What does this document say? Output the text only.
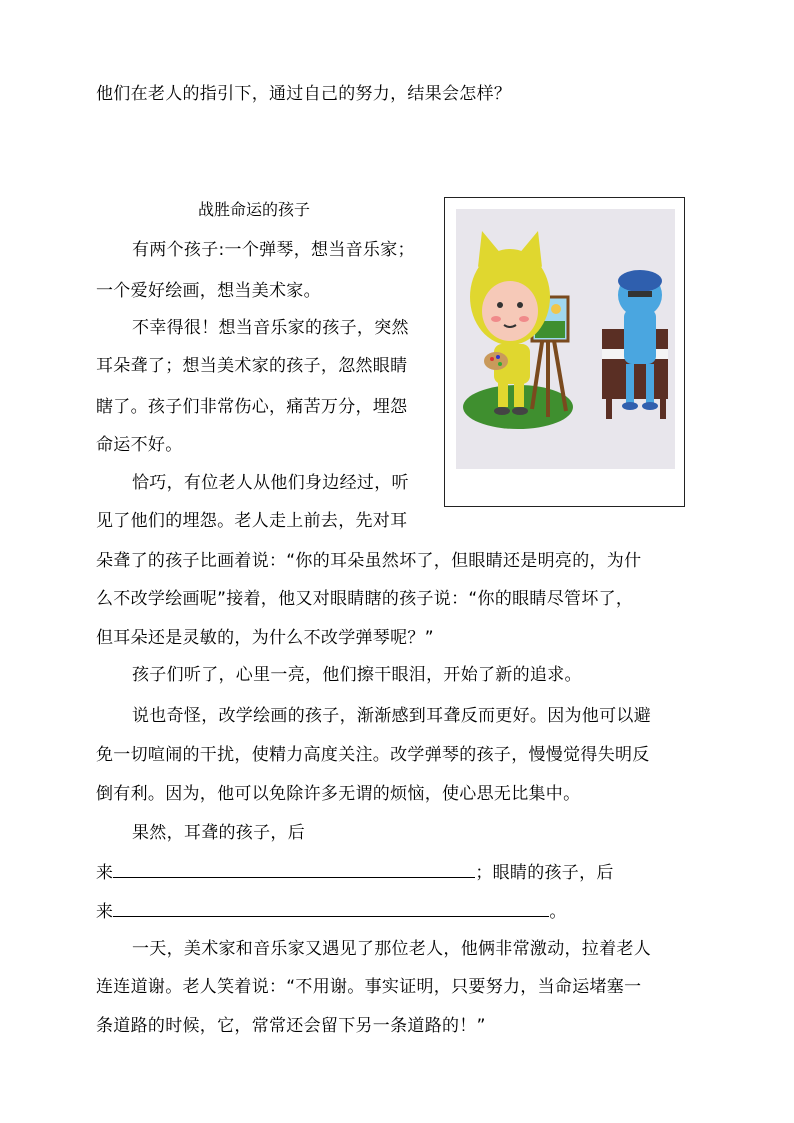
他们在老人的指引下，通过自己的努力，结果会怎样？
战胜命运的孩子
有两个孩子:一个弹琴，想当音乐家；
一个爱好绘画，想当美术家。
不幸得很！想当音乐家的孩子，突然
耳朵聋了；想当美术家的孩子，忽然眼睛
瞎了。孩子们非常伤心，痛苦万分，埋怨
命运不好。
恰巧，有位老人从他们身边经过，听
见了他们的埋怨。老人走上前去，先对耳
朵聋了的孩子比画着说：“你的耳朵虽然坏了，但眼睛还是明亮的，为什
么不改学绘画呢”接着，他又对眼睛瞎的孩子说：“你的眼睛尽管坏了，
但耳朵还是灵敏的，为什么不改学弹琴呢？”
孩子们听了，心里一亮，他们擦干眼泪，开始了新的追求。
说也奇怪，改学绘画的孩子，渐渐感到耳聋反而更好。因为他可以避
免一切喧闹的干扰，使精力高度关注。改学弹琴的孩子，慢慢觉得失明反
倒有利。因为，他可以免除许多无谓的烦恼，使心思无比集中。
果然，耳聋的孩子，后
来	；眼睛的孩子，后
来	。
一天，美术家和音乐家又遇见了那位老人，他俩非常激动，拉着老人
连连道谢。老人笑着说：“不用谢。事实证明，只要努力，当命运堵塞一
条道路的时候，它，常常还会留下另一条道路的！”
